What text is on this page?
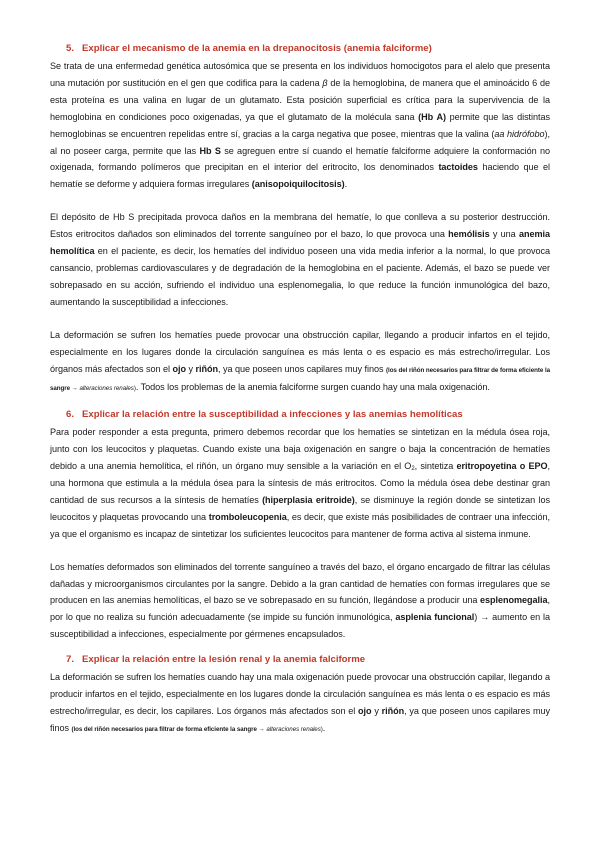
5. Explicar el mecanismo de la anemia en la drepanocitosis (anemia falciforme)

Se trata de una enfermedad genética autosómica que se presenta en los individuos homocigotos para el alelo que presenta una mutación por sustitución en el gen que codifica para la cadena β de la hemoglobina, de manera que el aminoácido 6 de esta proteína es una valina en lugar de un glutamato. Esta posición superficial es crítica para la supervivencia de la hemoglobina en condiciones poco oxigenadas, ya que el glutamato de la molécula sana (Hb A) permite que las distintas hemoglobinas se encuentren repelidas entre sí, gracias a la carga negativa que posee, mientras que la valina (aa hidrófobo), al no poseer carga, permite que las Hb S se agreguen entre sí cuando el hematíe falciforme adquiere la conformación no oxigenada, formando polímeros que precipitan en el interior del eritrocito, los denominados tactoides haciendo que el hematíe se deforme y adquiera formas irregulares (anisopoiquilocitosis).

El depósito de Hb S precipitada provoca daños en la membrana del hematíe, lo que conlleva a su posterior destrucción. Estos eritrocitos dañados son eliminados del torrente sanguíneo por el bazo, lo que provoca una hemólisis y una anemia hemolítica en el paciente, es decir, los hematíes del individuo poseen una vida media inferior a la normal, lo que provoca cansancio, problemas cardiovasculares y de degradación de la hemoglobina en el paciente. Además, el bazo se puede ver sobrepasado en su acción, sufriendo el individuo una esplenomegalia, lo que reduce la función inmunológica del bazo, aumentando la susceptibilidad a infecciones.

La deformación se sufren los hematíes puede provocar una obstrucción capilar, llegando a producir infartos en el tejido, especialmente en los lugares donde la circulación sanguínea es más lenta o es espacio es más estrecho/irregular. Los órganos más afectados son el ojo y riñón, ya que poseen unos capilares muy finos (los del riñón necesarios para filtrar de forma eficiente la sangre → alteraciones renales). Todos los problemas de la anemia falciforme surgen cuando hay una mala oxigenación.

6. Explicar la relación entre la susceptibilidad a infecciones y las anemias hemolíticas

Para poder responder a esta pregunta, primero debemos recordar que los hematíes se sintetizan en la médula ósea roja, junto con los leucocitos y plaquetas. Cuando existe una baja oxigenación en sangre o baja la concentración de hematíes debido a una anemia hemolítica, el riñón, un órgano muy sensible a la variación en el $O_2$, sintetiza eritropoyetina o EPO, una hormona que estimula a la médula ósea para la síntesis de más eritrocitos. Como la médula ósea debe destinar gran cantidad de sus recursos a la síntesis de hematíes (hiperplasia eritroide), se disminuye la región donde se sintetizan los leucocitos y plaquetas provocando una tromboleucopenia, es decir, que existe más posibilidades de contraer una infección, ya que el organismo es incapaz de sintetizar los suficientes leucocitos para mantener de forma activa al sistema inmune.

Los hematíes deformados son eliminados del torrente sanguíneo a través del bazo, el órgano encargado de filtrar las células dañadas y microorganismos circulantes por la sangre. Debido a la gran cantidad de hematíes con formas irregulares que se producen en las anemias hemolíticas, el bazo se ve sobrepasado en su función, llegándose a producir una esplenomegalia, por lo que no realiza su función adecuadamente (se impide su función inmunológica, asplenia funcional) → aumento en la susceptibilidad a infecciones, especialmente por gérmenes encapsulados.

7. Explicar la relación entre la lesión renal y la anemia falciforme

La deformación se sufren los hematíes cuando hay una mala oxigenación puede provocar una obstrucción capilar, llegando a producir infartos en el tejido, especialmente en los lugares donde la circulación sanguínea es más lenta o es espacio es más estrecho/irregular, es decir, los capilares. Los órganos más afectados son el ojo y riñón, ya que poseen unos capilares muy finos (los del riñón necesarios para filtrar de forma eficiente la sangre → alteraciones renales).
